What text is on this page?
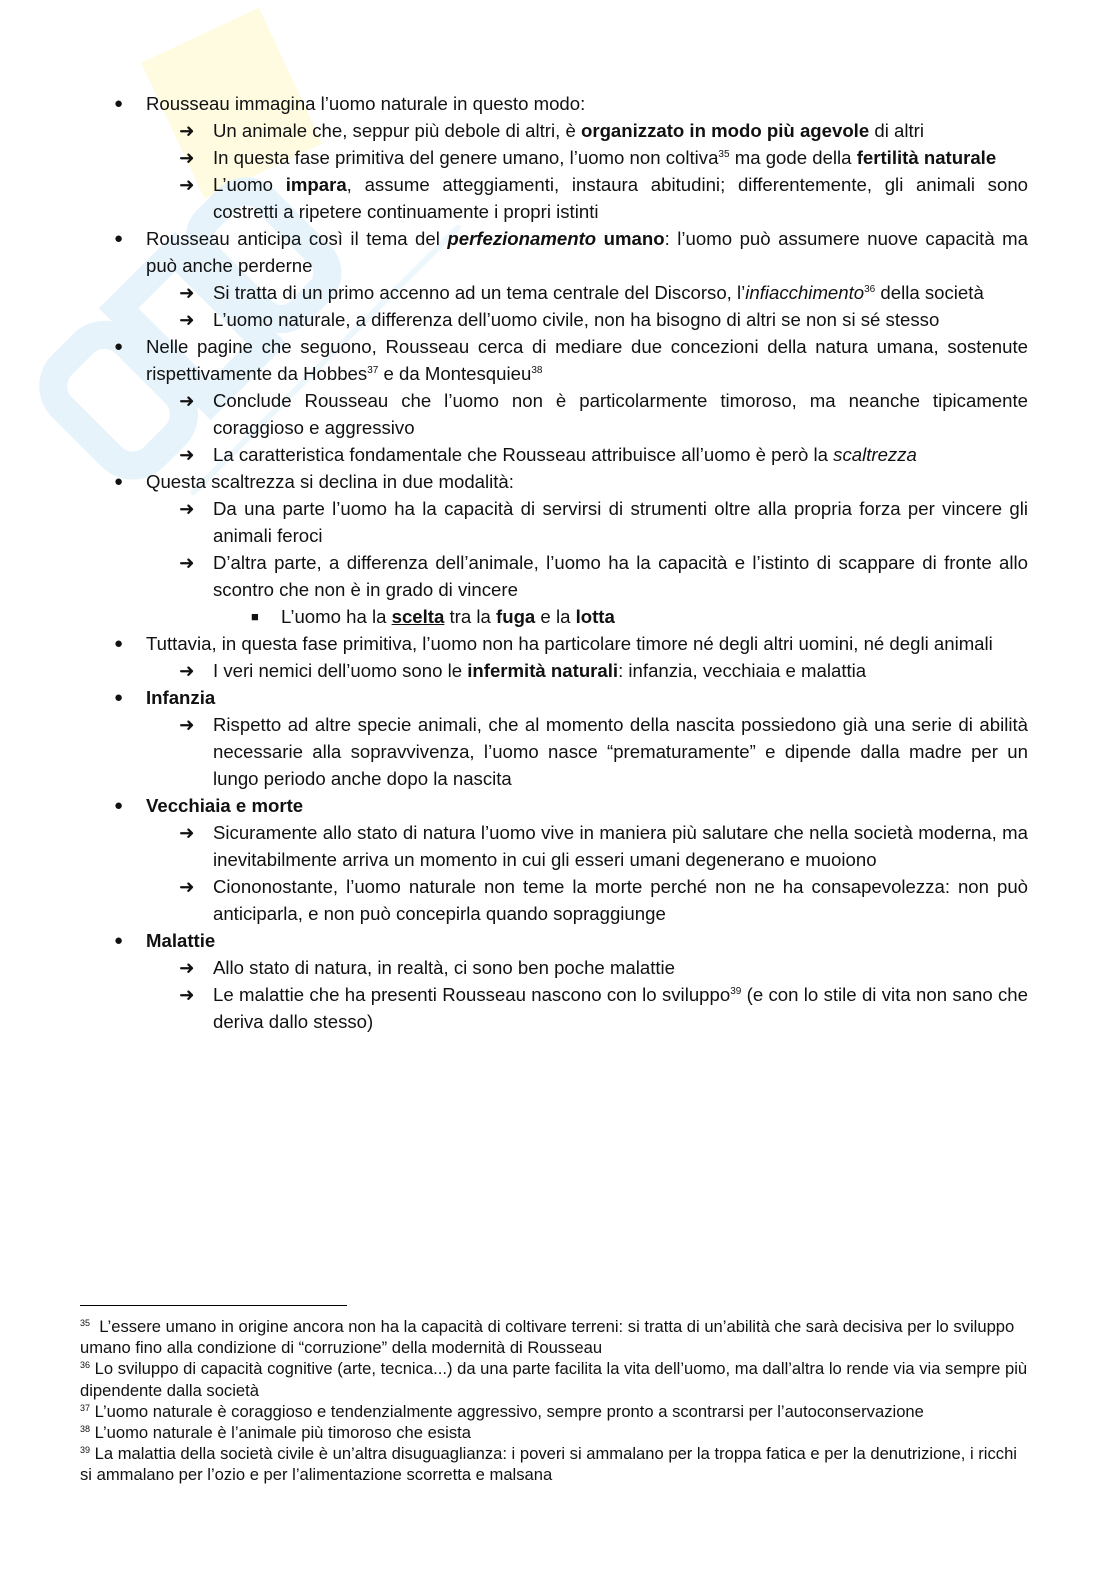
● Rousseau immagina l’uomo naturale in questo modo:
➜ Un animale che, seppur più debole di altri, è organizzato in modo più agevole di altri
➜ In questa fase primitiva del genere umano, l’uomo non coltiva$^{35}$ ma gode della fertilità naturale
➜ L’uomo impara, assume atteggiamenti, instaura abitudini; differentemente, gli animali sono costretti a ripetere continuamente i propri istinti
● Rousseau anticipa così il tema del perfezionamento umano: l’uomo può assumere nuove capacità ma può anche perderne
➜ Si tratta di un primo accenno ad un tema centrale del Discorso, l’infiacchimento$^{36}$ della società
➜ L’uomo naturale, a differenza dell’uomo civile, non ha bisogno di altri se non si sé stesso
● Nelle pagine che seguono, Rousseau cerca di mediare due concezioni della natura umana, sostenute rispettivamente da Hobbes$^{37}$ e da Montesquieu$^{38}$
➜ Conclude Rousseau che l’uomo non è particolarmente timoroso, ma neanche tipicamente coraggioso e aggressivo
➜ La caratteristica fondamentale che Rousseau attribuisce all’uomo è però la scaltrezza
● Questa scaltrezza si declina in due modalità:
➜ Da una parte l’uomo ha la capacità di servirsi di strumenti oltre alla propria forza per vincere gli animali feroci
➜ D’altra parte, a differenza dell’animale, l’uomo ha la capacità e l’istinto di scappare di fronte allo scontro che non è in grado di vincere
■ L’uomo ha la scelta tra la fuga e la lotta
● Tuttavia, in questa fase primitiva, l’uomo non ha particolare timore né degli altri uomini, né degli animali
➜ I veri nemici dell’uomo sono le infermità naturali: infanzia, vecchiaia e malattia
● Infanzia
➜ Rispetto ad altre specie animali, che al momento della nascita possiedono già una serie di abilità necessarie alla sopravvivenza, l’uomo nasce “prematuramente” e dipende dalla madre per un lungo periodo anche dopo la nascita
● Vecchiaia e morte
➜ Sicuramente allo stato di natura l’uomo vive in maniera più salutare che nella società moderna, ma inevitabilmente arriva un momento in cui gli esseri umani degenerano e muoiono
➜ Ciononostante, l’uomo naturale non teme la morte perché non ne ha consapevolezza: non può anticiparla, e non può concepirla quando sopraggiunge
● Malattie
➜ Allo stato di natura, in realtà, ci sono ben poche malattie
➜ Le malattie che ha presenti Rousseau nascono con lo sviluppo$^{39}$ (e con lo stile di vita non sano che deriva dallo stesso)
$^{35}$  L’essere umano in origine ancora non ha la capacità di coltivare terreni: si tratta di un’abilità che sarà decisiva per lo sviluppo umano fino alla condizione di “corruzione” della modernità di Rousseau
$^{36}$ Lo sviluppo di capacità cognitive (arte, tecnica...) da una parte facilita la vita dell’uomo, ma dall’altra lo rende via via sempre più dipendente dalla società
$^{37}$ L’uomo naturale è coraggioso e tendenzialmente aggressivo, sempre pronto a scontrarsi per l’autoconservazione
$^{38}$ L’uomo naturale è l’animale più timoroso che esista
$^{39}$ La malattia della società civile è un’altra disuguaglianza: i poveri si ammalano per la troppa fatica e per la denutrizione, i ricchi si ammalano per l’ozio e per l’alimentazione scorretta e malsana
